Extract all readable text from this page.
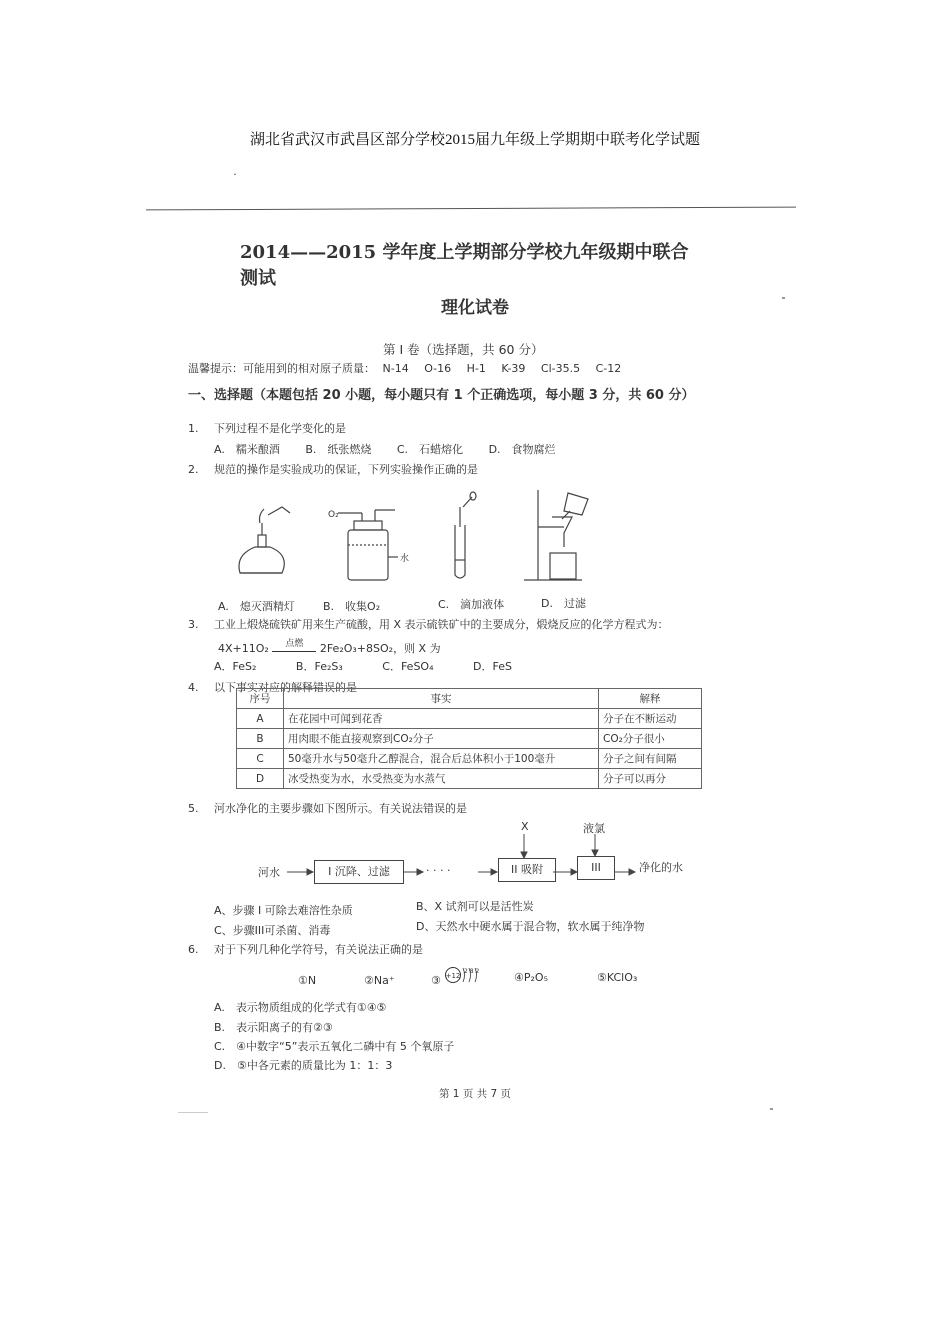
湖北省武汉市武昌区部分学校2015届九年级上学期期中联考化学试题
˙
2014——2015 学年度上学期部分学校九年级期中联合测试
理化试卷
第 I 卷（选择题，共 60 分）
温馨提示：可能用到的相对原子质量： N-14 O-16 H-1 K-39 Cl-35.5 C-12
一、选择题（本题包括 20 小题，每小题只有 1 个正确选项，每小题 3 分，共 60 分）
1. 下列过程不是化学变化的是
A.　糯米酿酒 B.　纸张燃烧 C.　石蜡熔化 D.　食物腐烂
2. 规范的操作是实验成功的保证，下列实验操作正确的是
O₂
水
A.　熄灭酒精灯	B.　收集O₂	C.　滴加液体	D.　过滤
3. 工业上煅烧硫铁矿用来生产硫酸，用 X 表示硫铁矿中的主要成分，煅烧反应的化学方程式为：
4X+11O₂	点燃	2Fe₂O₃+8SO₂，则 X 为
A．FeS₂	B．Fe₂S₃	C．FeSO₄	D．FeS
4. 以下事实对应的解释错误的是
序号	事实	解释
A	在花园中可闻到花香	分子在不断运动
B	用肉眼不能直接观察到CO₂分子	CO₂分子很小
C	50毫升水与50毫升乙醇混合，混合后总体积小于100毫升	分子之间有间隔
D	冰受热变为水，水受热变为水蒸气	分子可以再分
5. 河水净化的主要步骤如下图所示。有关说法错误的是
X	液氯
河水	I 沉降、过滤	· · · ·	II 吸附	III	净化的水
A、步骤 I 可除去难溶性杂质	B、X 试剂可以是活性炭
C、步骤III可杀菌、消毒	D、天然水中硬水属于混合物，软水属于纯净物
6. 对于下列几种化学符号，有关说法正确的是
①N	②Na⁺	③ +12
2 8 2	④P₂O₅	⑤KClO₃
A.　表示物质组成的化学式有①④⑤
B.　表示阳离子的有②③
C.　④中数字“5”表示五氧化二磷中有 5 个氧原子
D.　⑤中各元素的质量比为 1：1：3
第 1 页 共 7 页
